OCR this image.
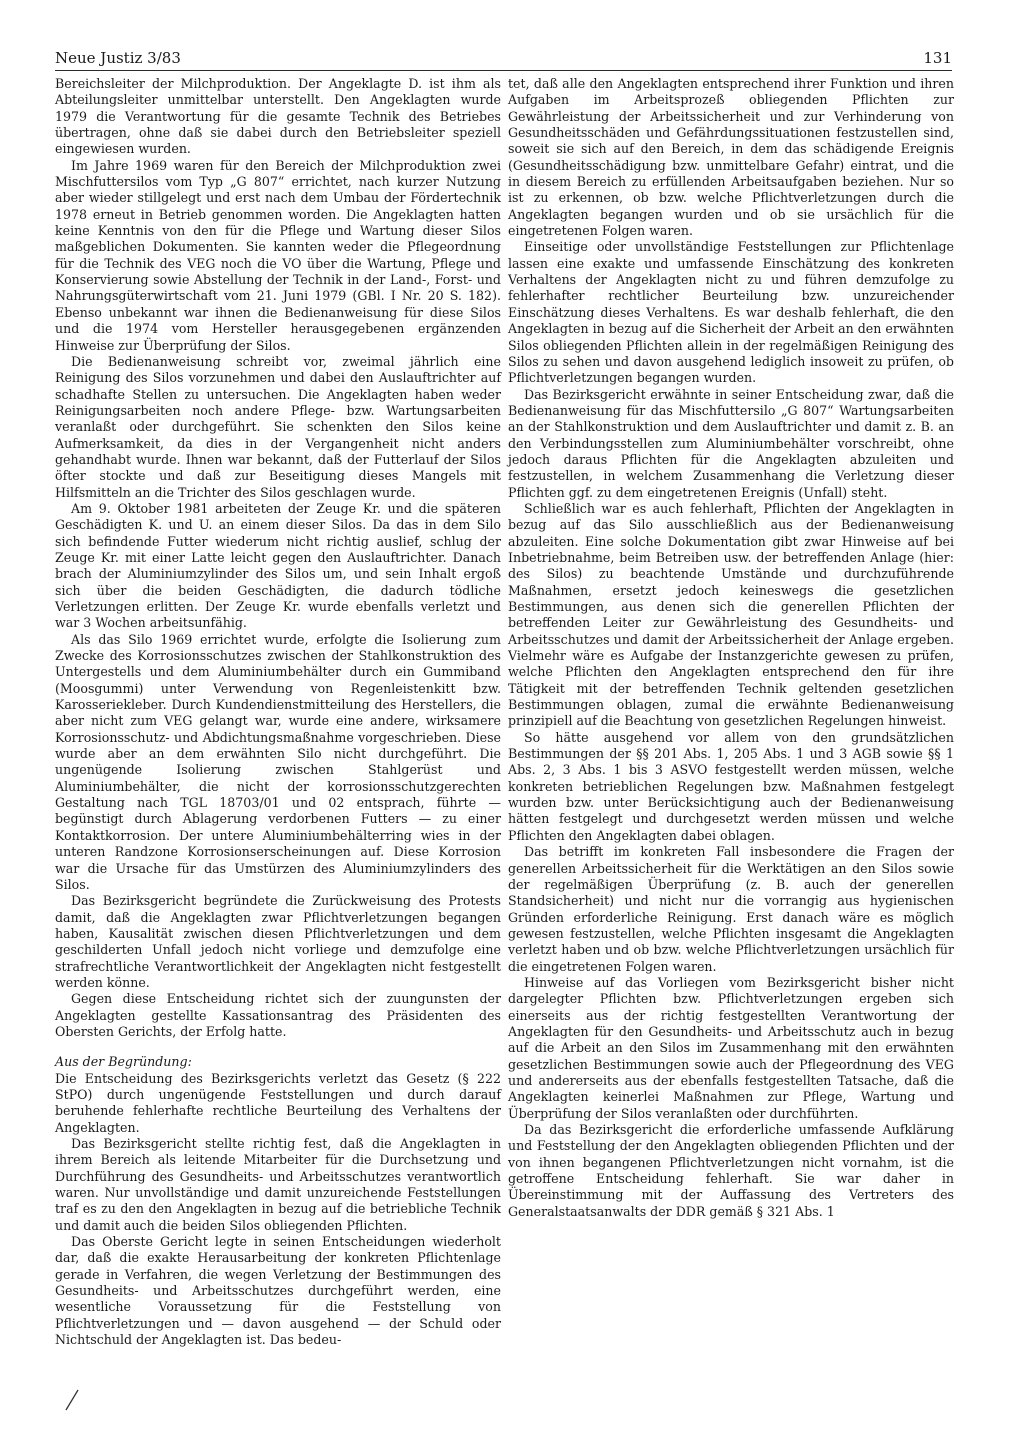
Neue Justiz 3/83	131

Bereichsleiter der Milchproduktion. Der Angeklagte D. ist ihm als Abteilungsleiter unmittelbar unterstellt. Den Angeklagten wurde 1979 die Verantwortung für die gesamte Technik des Betriebes übertragen, ohne daß sie dabei durch den Betriebsleiter speziell eingewiesen wurden.

Im Jahre 1969 waren für den Bereich der Milchproduktion zwei Mischfuttersilos vom Typ „G 807“ errichtet, nach kurzer Nutzung aber wieder stillgelegt und erst nach dem Umbau der Fördertechnik 1978 erneut in Betrieb genommen worden. Die Angeklagten hatten keine Kenntnis von den für die Pflege und Wartung dieser Silos maßgeblichen Dokumenten. Sie kannten weder die Pflegeordnung für die Technik des VEG noch die VO über die Wartung, Pflege und Konservierung sowie Abstellung der Technik in der Land-, Forst- und Nahrungsgüterwirtschaft vom 21. Juni 1979 (GBl. I Nr. 20 S. 182). Ebenso unbekannt war ihnen die Bedienanweisung für diese Silos und die 1974 vom Hersteller herausgegebenen ergänzenden Hinweise zur Überprüfung der Silos.

Die Bedienanweisung schreibt vor, zweimal jährlich eine Reinigung des Silos vorzunehmen und dabei den Auslauftrichter auf schadhafte Stellen zu untersuchen. Die Angeklagten haben weder Reinigungsarbeiten noch andere Pflege- bzw. Wartungsarbeiten veranlaßt oder durchgeführt. Sie schenkten den Silos keine Aufmerksamkeit, da dies in der Vergangenheit nicht anders gehandhabt wurde. Ihnen war bekannt, daß der Futterlauf der Silos öfter stockte und daß zur Beseitigung dieses Mangels mit Hilfsmitteln an die Trichter des Silos geschlagen wurde.

Am 9. Oktober 1981 arbeiteten der Zeuge Kr. und die späteren Geschädigten K. und U. an einem dieser Silos. Da das in dem Silo sich befindende Futter wiederum nicht richtig auslief, schlug der Zeuge Kr. mit einer Latte leicht gegen den Auslauftrichter. Danach brach der Aluminiumzylinder des Silos um, und sein Inhalt ergoß sich über die beiden Geschädigten, die dadurch tödliche Verletzungen erlitten. Der Zeuge Kr. wurde ebenfalls verletzt und war 3 Wochen arbeitsunfähig.

Als das Silo 1969 errichtet wurde, erfolgte die Isolierung zum Zwecke des Korrosionsschutzes zwischen der Stahlkonstruktion des Untergestells und dem Aluminiumbehälter durch ein Gummiband (Moosgummi) unter Verwendung von Regenleistenkitt bzw. Karosseriekleber. Durch Kundendienstmitteilung des Herstellers, die aber nicht zum VEG gelangt war, wurde eine andere, wirksamere Korrosionsschutz- und Abdichtungsmaßnahme vorgeschrieben. Diese wurde aber an dem erwähnten Silo nicht durchgeführt. Die ungenügende Isolierung zwischen Stahlgerüst und Aluminiumbehälter, die nicht der korrosionsschutzgerechten Gestaltung nach TGL 18703/01 und 02 entsprach, führte — begünstigt durch Ablagerung verdorbenen Futters — zu einer Kontaktkorrosion. Der untere Aluminiumbehälterring wies in der unteren Randzone Korrosionserscheinungen auf. Diese Korrosion war die Ursache für das Umstürzen des Aluminiumzylinders des Silos.

Das Bezirksgericht begründete die Zurückweisung des Protests damit, daß die Angeklagten zwar Pflichtverletzungen begangen haben, Kausalität zwischen diesen Pflichtverletzungen und dem geschilderten Unfall jedoch nicht vorliege und demzufolge eine strafrechtliche Verantwortlichkeit der Angeklagten nicht festgestellt werden könne.

Gegen diese Entscheidung richtet sich der zuungunsten der Angeklagten gestellte Kassationsantrag des Präsidenten des Obersten Gerichts, der Erfolg hatte.

Aus der Begründung:

Die Entscheidung des Bezirksgerichts verletzt das Gesetz (§ 222 StPO) durch ungenügende Feststellungen und durch darauf beruhende fehlerhafte rechtliche Beurteilung des Verhaltens der Angeklagten.

Das Bezirksgericht stellte richtig fest, daß die Angeklagten in ihrem Bereich als leitende Mitarbeiter für die Durchsetzung und Durchführung des Gesundheits- und Arbeitsschutzes verantwortlich waren. Nur unvollständige und damit unzureichende Feststellungen traf es zu den den Angeklagten in bezug auf die betriebliche Technik und damit auch die beiden Silos obliegenden Pflichten.

Das Oberste Gericht legte in seinen Entscheidungen wiederholt dar, daß die exakte Herausarbeitung der konkreten Pflichtenlage gerade in Verfahren, die wegen Verletzung der Bestimmungen des Gesundheits- und Arbeitsschutzes durchgeführt werden, eine wesentliche Voraussetzung für die Feststellung von Pflichtverletzungen und — davon ausgehend — der Schuld oder Nichtschuld der Angeklagten ist. Das bedeu-

tet, daß alle den Angeklagten entsprechend ihrer Funktion und ihren Aufgaben im Arbeitsprozeß obliegenden Pflichten zur Gewährleistung der Arbeitssicherheit und zur Verhinderung von Gesundheitsschäden und Gefährdungssituationen festzustellen sind, soweit sie sich auf den Bereich, in dem das schädigende Ereignis (Gesundheitsschädigung bzw. unmittelbare Gefahr) eintrat, und die in diesem Bereich zu erfüllenden Arbeitsaufgaben beziehen. Nur so ist zu erkennen, ob bzw. welche Pflichtverletzungen durch die Angeklagten begangen wurden und ob sie ursächlich für die eingetretenen Folgen waren.

Einseitige oder unvollständige Feststellungen zur Pflichtenlage lassen eine exakte und umfassende Einschätzung des konkreten Verhaltens der Angeklagten nicht zu und führen demzufolge zu fehlerhafter rechtlicher Beurteilung bzw. unzureichender Einschätzung dieses Verhaltens. Es war deshalb fehlerhaft, die den Angeklagten in bezug auf die Sicherheit der Arbeit an den erwähnten Silos obliegenden Pflichten allein in der regelmäßigen Reinigung des Silos zu sehen und davon ausgehend lediglich insoweit zu prüfen, ob Pflichtverletzungen begangen wurden.

Das Bezirksgericht erwähnte in seiner Entscheidung zwar, daß die Bedienanweisung für das Mischfuttersilo „G 807“ Wartungsarbeiten an der Stahlkonstruktion und dem Auslauftrichter und damit z. B. an den Verbindungsstellen zum Aluminiumbehälter vorschreibt, ohne jedoch daraus Pflichten für die Angeklagten abzuleiten und festzustellen, in welchem Zusammenhang die Verletzung dieser Pflichten ggf. zu dem eingetretenen Ereignis (Unfall) steht.

Schließlich war es auch fehlerhaft, Pflichten der Angeklagten in bezug auf das Silo ausschließlich aus der Bedienanweisung abzuleiten. Eine solche Dokumentation gibt zwar Hinweise auf bei Inbetriebnahme, beim Betreiben usw. der betreffenden Anlage (hier: des Silos) zu beachtende Umstände und durchzuführende Maßnahmen, ersetzt jedoch keineswegs die gesetzlichen Bestimmungen, aus denen sich die generellen Pflichten der betreffenden Leiter zur Gewährleistung des Gesundheits- und Arbeitsschutzes und damit der Arbeitssicherheit der Anlage ergeben. Vielmehr wäre es Aufgabe der Instanzgerichte gewesen zu prüfen, welche Pflichten den Angeklagten entsprechend den für ihre Tätigkeit mit der betreffenden Technik geltenden gesetzlichen Bestimmungen oblagen, zumal die erwähnte Bedienanweisung prinzipiell auf die Beachtung von gesetzlichen Regelungen hinweist.

So hätte ausgehend vor allem von den grundsätzlichen Bestimmungen der §§ 201 Abs. 1, 205 Abs. 1 und 3 AGB sowie §§ 1 Abs. 2, 3 Abs. 1 bis 3 ASVO festgestellt werden müssen, welche konkreten betrieblichen Regelungen bzw. Maßnahmen festgelegt wurden bzw. unter Berücksichtigung auch der Bedienanweisung hätten festgelegt und durchgesetzt werden müssen und welche Pflichten den Angeklagten dabei oblagen.

Das betrifft im konkreten Fall insbesondere die Fragen der generellen Arbeitssicherheit für die Werktätigen an den Silos sowie der regelmäßigen Überprüfung (z. B. auch der generellen Standsicherheit) und nicht nur die vorrangig aus hygienischen Gründen erforderliche Reinigung. Erst danach wäre es möglich gewesen festzustellen, welche Pflichten insgesamt die Angeklagten verletzt haben und ob bzw. welche Pflichtverletzungen ursächlich für die eingetretenen Folgen waren.

Hinweise auf das Vorliegen vom Bezirksgericht bisher nicht dargelegter Pflichten bzw. Pflichtverletzungen ergeben sich einerseits aus der richtig festgestellten Verantwortung der Angeklagten für den Gesundheits- und Arbeitsschutz auch in bezug auf die Arbeit an den Silos im Zusammenhang mit den erwähnten gesetzlichen Bestimmungen sowie auch der Pflegeordnung des VEG und andererseits aus der ebenfalls festgestellten Tatsache, daß die Angeklagten keinerlei Maßnahmen zur Pflege, Wartung und Überprüfung der Silos veranlaßten oder durchführten.

Da das Bezirksgericht die erforderliche umfassende Aufklärung und Feststellung der den Angeklagten obliegenden Pflichten und der von ihnen begangenen Pflichtverletzungen nicht vornahm, ist die getroffene Entscheidung fehlerhaft. Sie war daher in Übereinstimmung mit der Auffassung des Vertreters des Generalstaatsanwalts der DDR gemäß § 321 Abs. 1
